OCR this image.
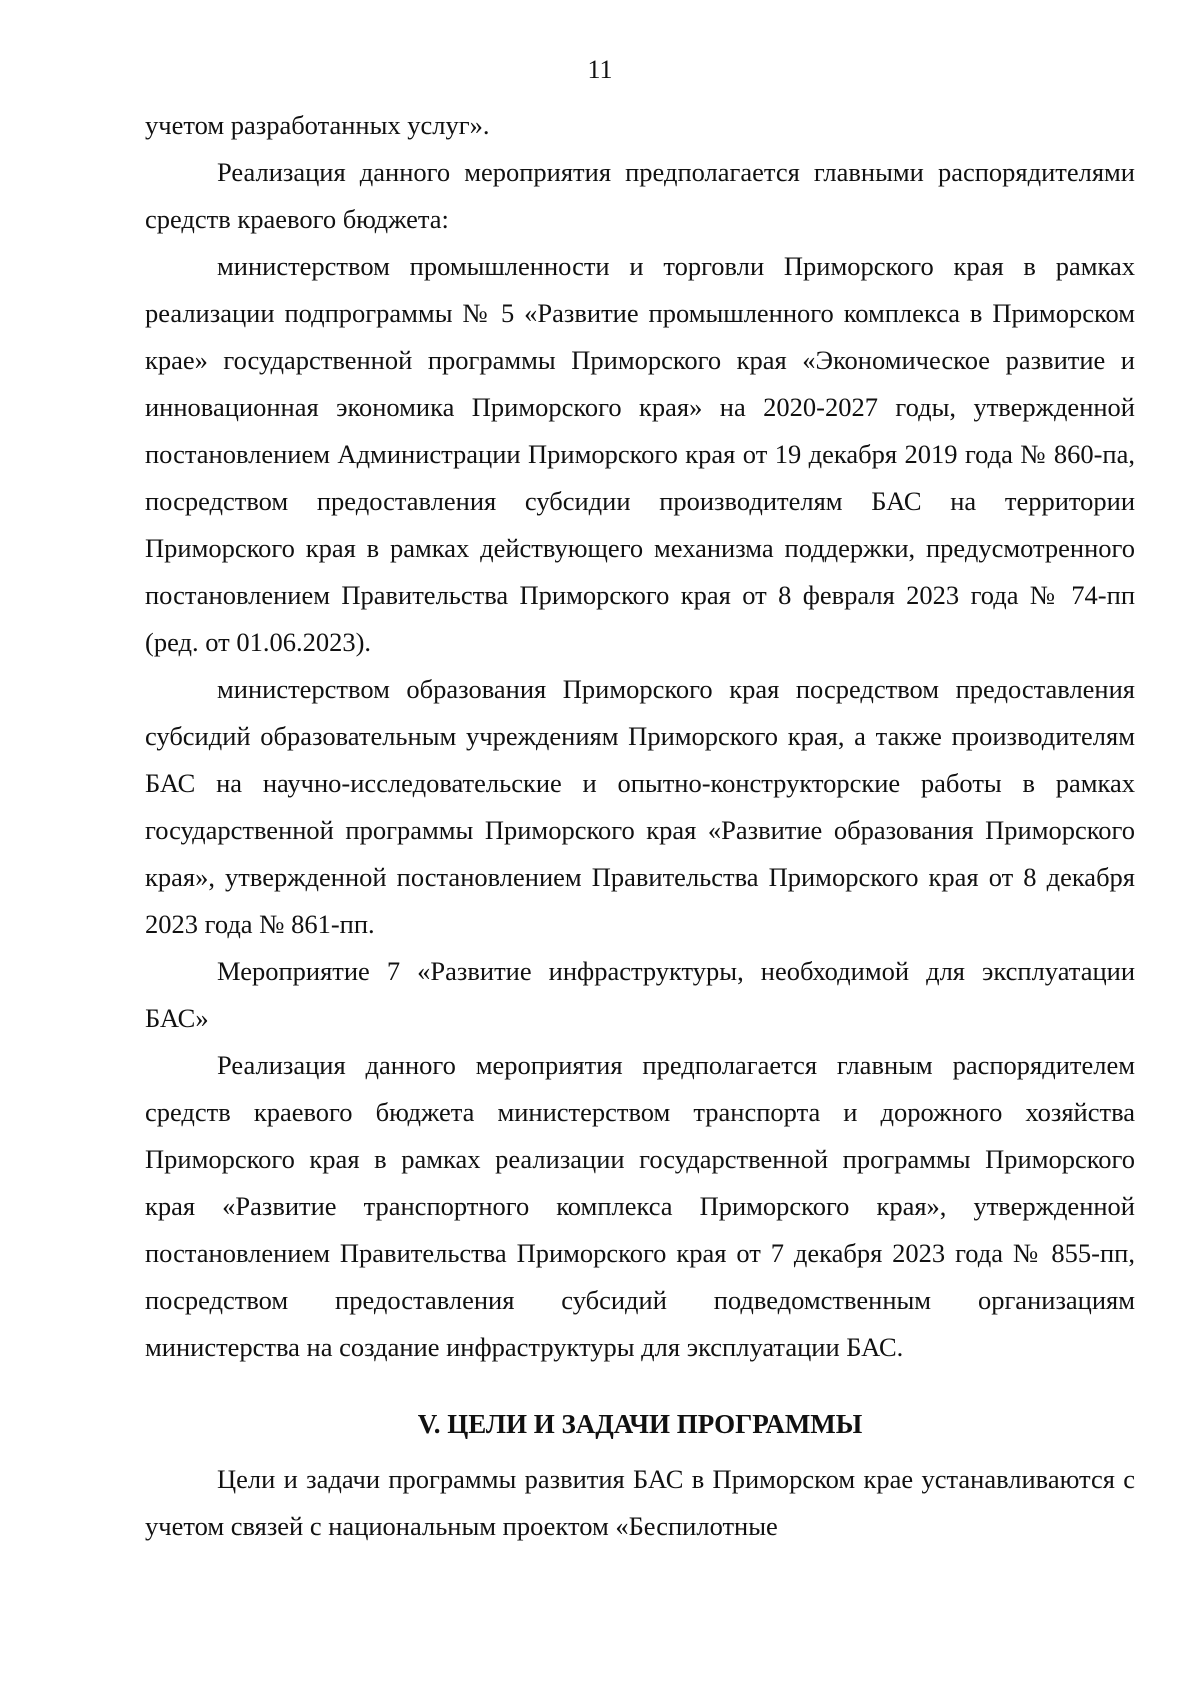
11

учетом разработанных услуг».

Реализация данного мероприятия предполагается главными распорядителями средств краевого бюджета:

министерством промышленности и торговли Приморского края в рамках реализации подпрограммы № 5 «Развитие промышленного комплекса в Приморском крае» государственной программы Приморского края «Экономическое развитие и инновационная экономика Приморского края» на 2020-2027 годы, утвержденной постановлением Администрации Приморского края от 19 декабря 2019 года № 860-па, посредством предоставления субсидии производителям БАС на территории Приморского края в рамках действующего механизма поддержки, предусмотренного постановлением Правительства Приморского края от 8 февраля 2023 года № 74-пп (ред. от 01.06.2023).

министерством образования Приморского края посредством предоставления субсидий образовательным учреждениям Приморского края, а также производителям БАС на научно-исследовательские и опытно-конструкторские работы в рамках государственной программы Приморского края «Развитие образования Приморского края», утвержденной постановлением Правительства Приморского края от 8 декабря 2023 года № 861-пп.

Мероприятие 7 «Развитие инфраструктуры, необходимой для эксплуатации БАС»

Реализация данного мероприятия предполагается главным распорядителем средств краевого бюджета министерством транспорта и дорожного хозяйства Приморского края в рамках реализации государственной программы Приморского края «Развитие транспортного комплекса Приморского края», утвержденной постановлением Правительства Приморского края от 7 декабря 2023 года № 855-пп, посредством предоставления субсидий подведомственным организациям министерства на создание инфраструктуры для эксплуатации БАС.

V. ЦЕЛИ И ЗАДАЧИ ПРОГРАММЫ

Цели и задачи программы развития БАС в Приморском крае устанавливаются с учетом связей с национальным проектом «Беспилотные
